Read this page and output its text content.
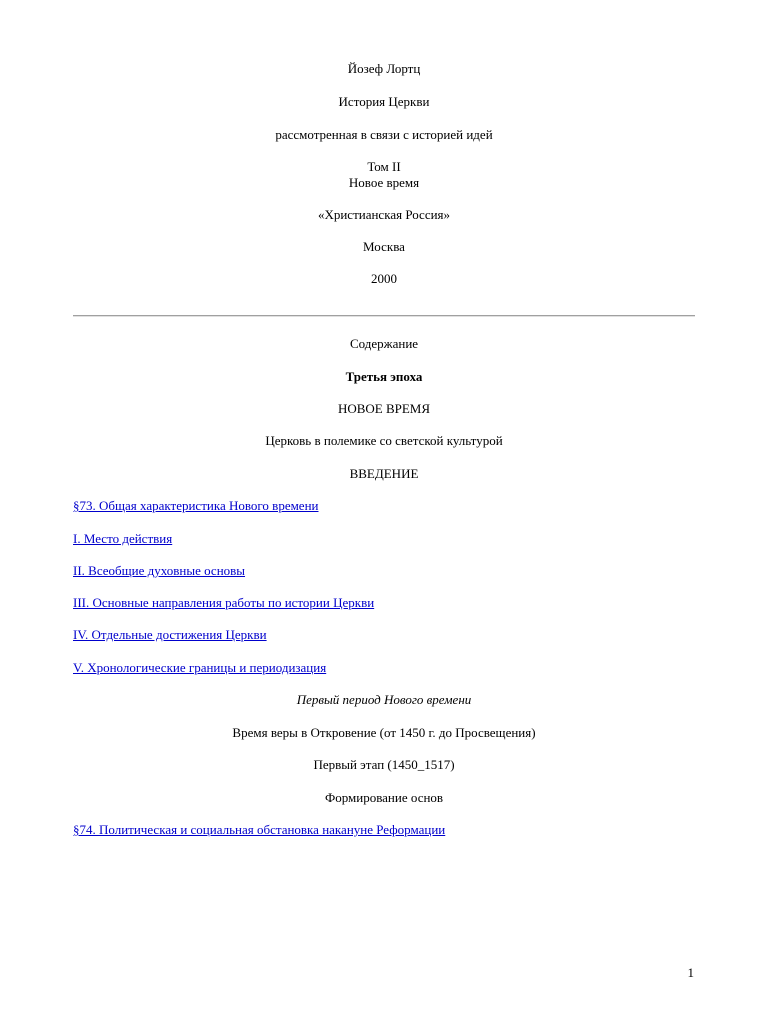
Йозеф Лортц
История Церкви
рассмотренная в связи с историей идей
Том II
Новое время
«Христианская Россия»
Москва
2000
Содержание
Третья эпоха
НОВОЕ ВРЕМЯ
Церковь в полемике со светской культурой
ВВЕДЕНИЕ
§73. Общая характеристика Нового времени
I. Место действия
II. Всеобщие духовные основы
III. Основные направления работы по истории Церкви
IV. Отдельные достижения Церкви
V. Хронологические границы и периодизация
Первый период Нового времени
Время веры в Откровение (от 1450 г. до Просвещения)
Первый этап (1450_1517)
Формирование основ
§74. Политическая и социальная обстановка накануне Реформации
1
